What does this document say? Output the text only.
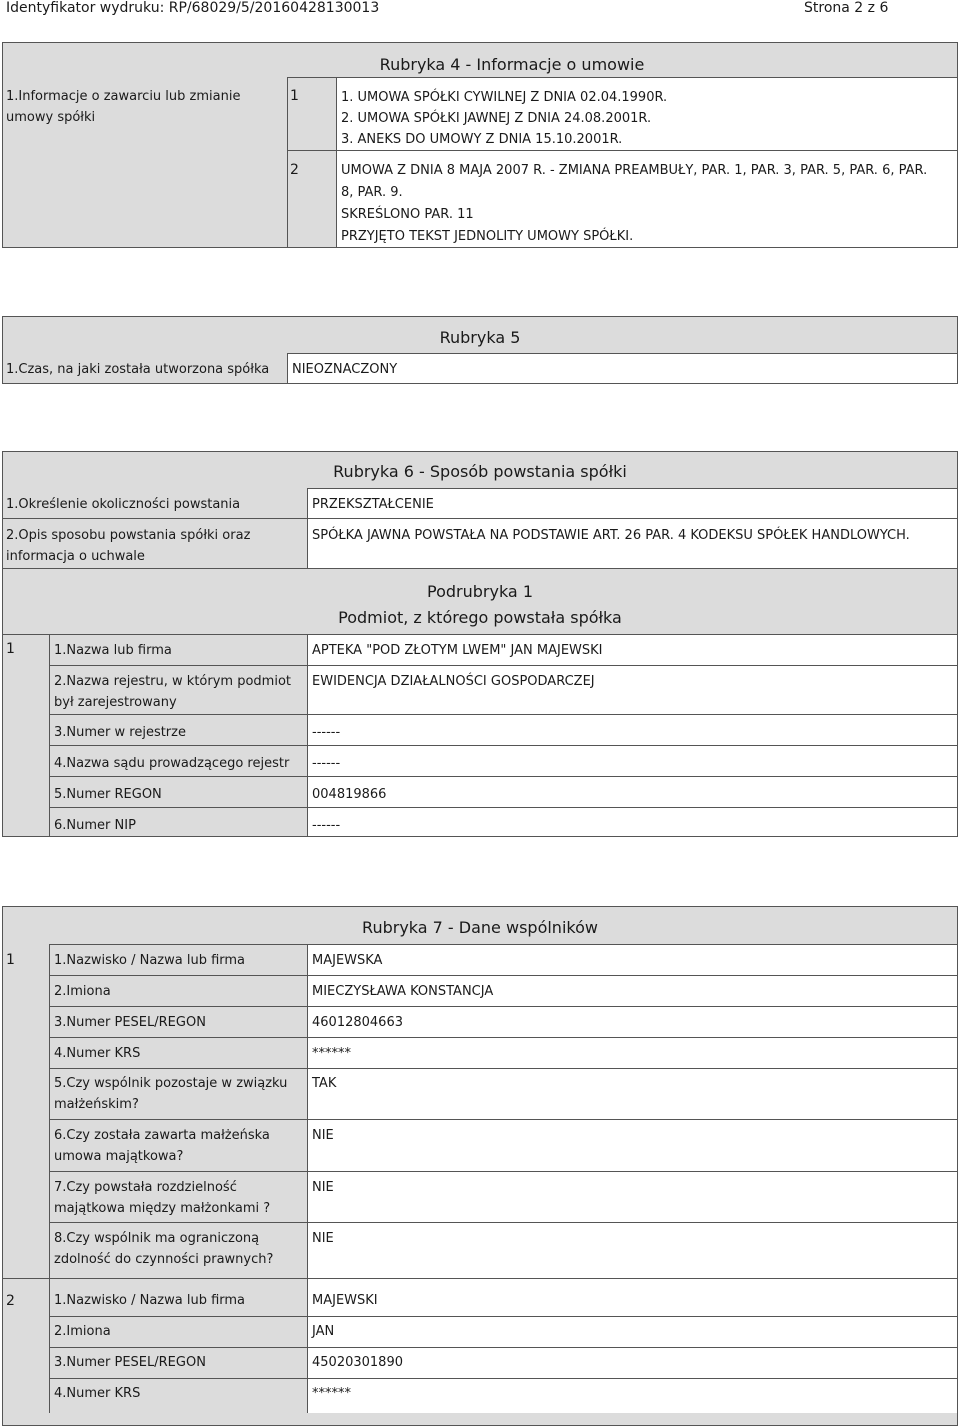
Identyfikator wydruku: RP/68029/5/20160428130013	Strona 2 z 6
Rubryka 4 - Informacje o umowie
1.Informacje o zawarciu lub zmianie umowy spółki
1	1. UMOWA SPÓŁKI CYWILNEJ Z DNIA 02.04.1990R.
2. UMOWA SPÓŁKI JAWNEJ Z DNIA 24.08.2001R.
3. ANEKS DO UMOWY Z DNIA 15.10.2001R.
2	UMOWA Z DNIA 8 MAJA 2007 R. - ZMIANA PREAMBUŁY, PAR. 1, PAR. 3, PAR. 5, PAR. 6, PAR.
8, PAR. 9.
SKREŚLONO PAR. 11
PRZYJĘTO TEKST JEDNOLITY UMOWY SPÓŁKI.
Rubryka 5
1.Czas, na jaki została utworzona spółka NIEOZNACZONY
Rubryka 6 - Sposób powstania spółki
1.Określenie okoliczności powstania	PRZEKSZTAŁCENIE
2.Opis sposobu powstania spółki oraz informacja o uchwale
SPÓŁKA JAWNA POWSTAŁA NA PODSTAWIE ART. 26 PAR. 4 KODEKSU SPÓŁEK HANDLOWYCH.
Podrubryka 1
Podmiot, z którego powstała spółka
1	1.Nazwa lub firma	APTEKA "POD ZŁOTYM LWEM" JAN MAJEWSKI
2.Nazwa rejestru, w którym podmiot był zarejestrowany
EWIDENCJA DZIAŁALNOŚCI GOSPODARCZEJ
3.Numer w rejestrze	------
4.Nazwa sądu prowadzącego rejestr ------
5.Numer REGON	004819866
6.Numer NIP	------
Rubryka 7 - Dane wspólników
1	1.Nazwisko / Nazwa lub firma	MAJEWSKA
2.Imiona	MIECZYSŁAWA KONSTANCJA
3.Numer PESEL/REGON	46012804663
4.Numer KRS	******
5.Czy wspólnik pozostaje w związku małżeńskim?
TAK
6.Czy została zawarta małżeńska umowa majątkowa?
NIE
7.Czy powstała rozdzielność majątkowa między małżonkami ?
NIE
8.Czy wspólnik ma ograniczoną zdolność do czynności prawnych?
NIE
2	1.Nazwisko / Nazwa lub firma	MAJEWSKI
2.Imiona	JAN
3.Numer PESEL/REGON	45020301890
4.Numer KRS	******
